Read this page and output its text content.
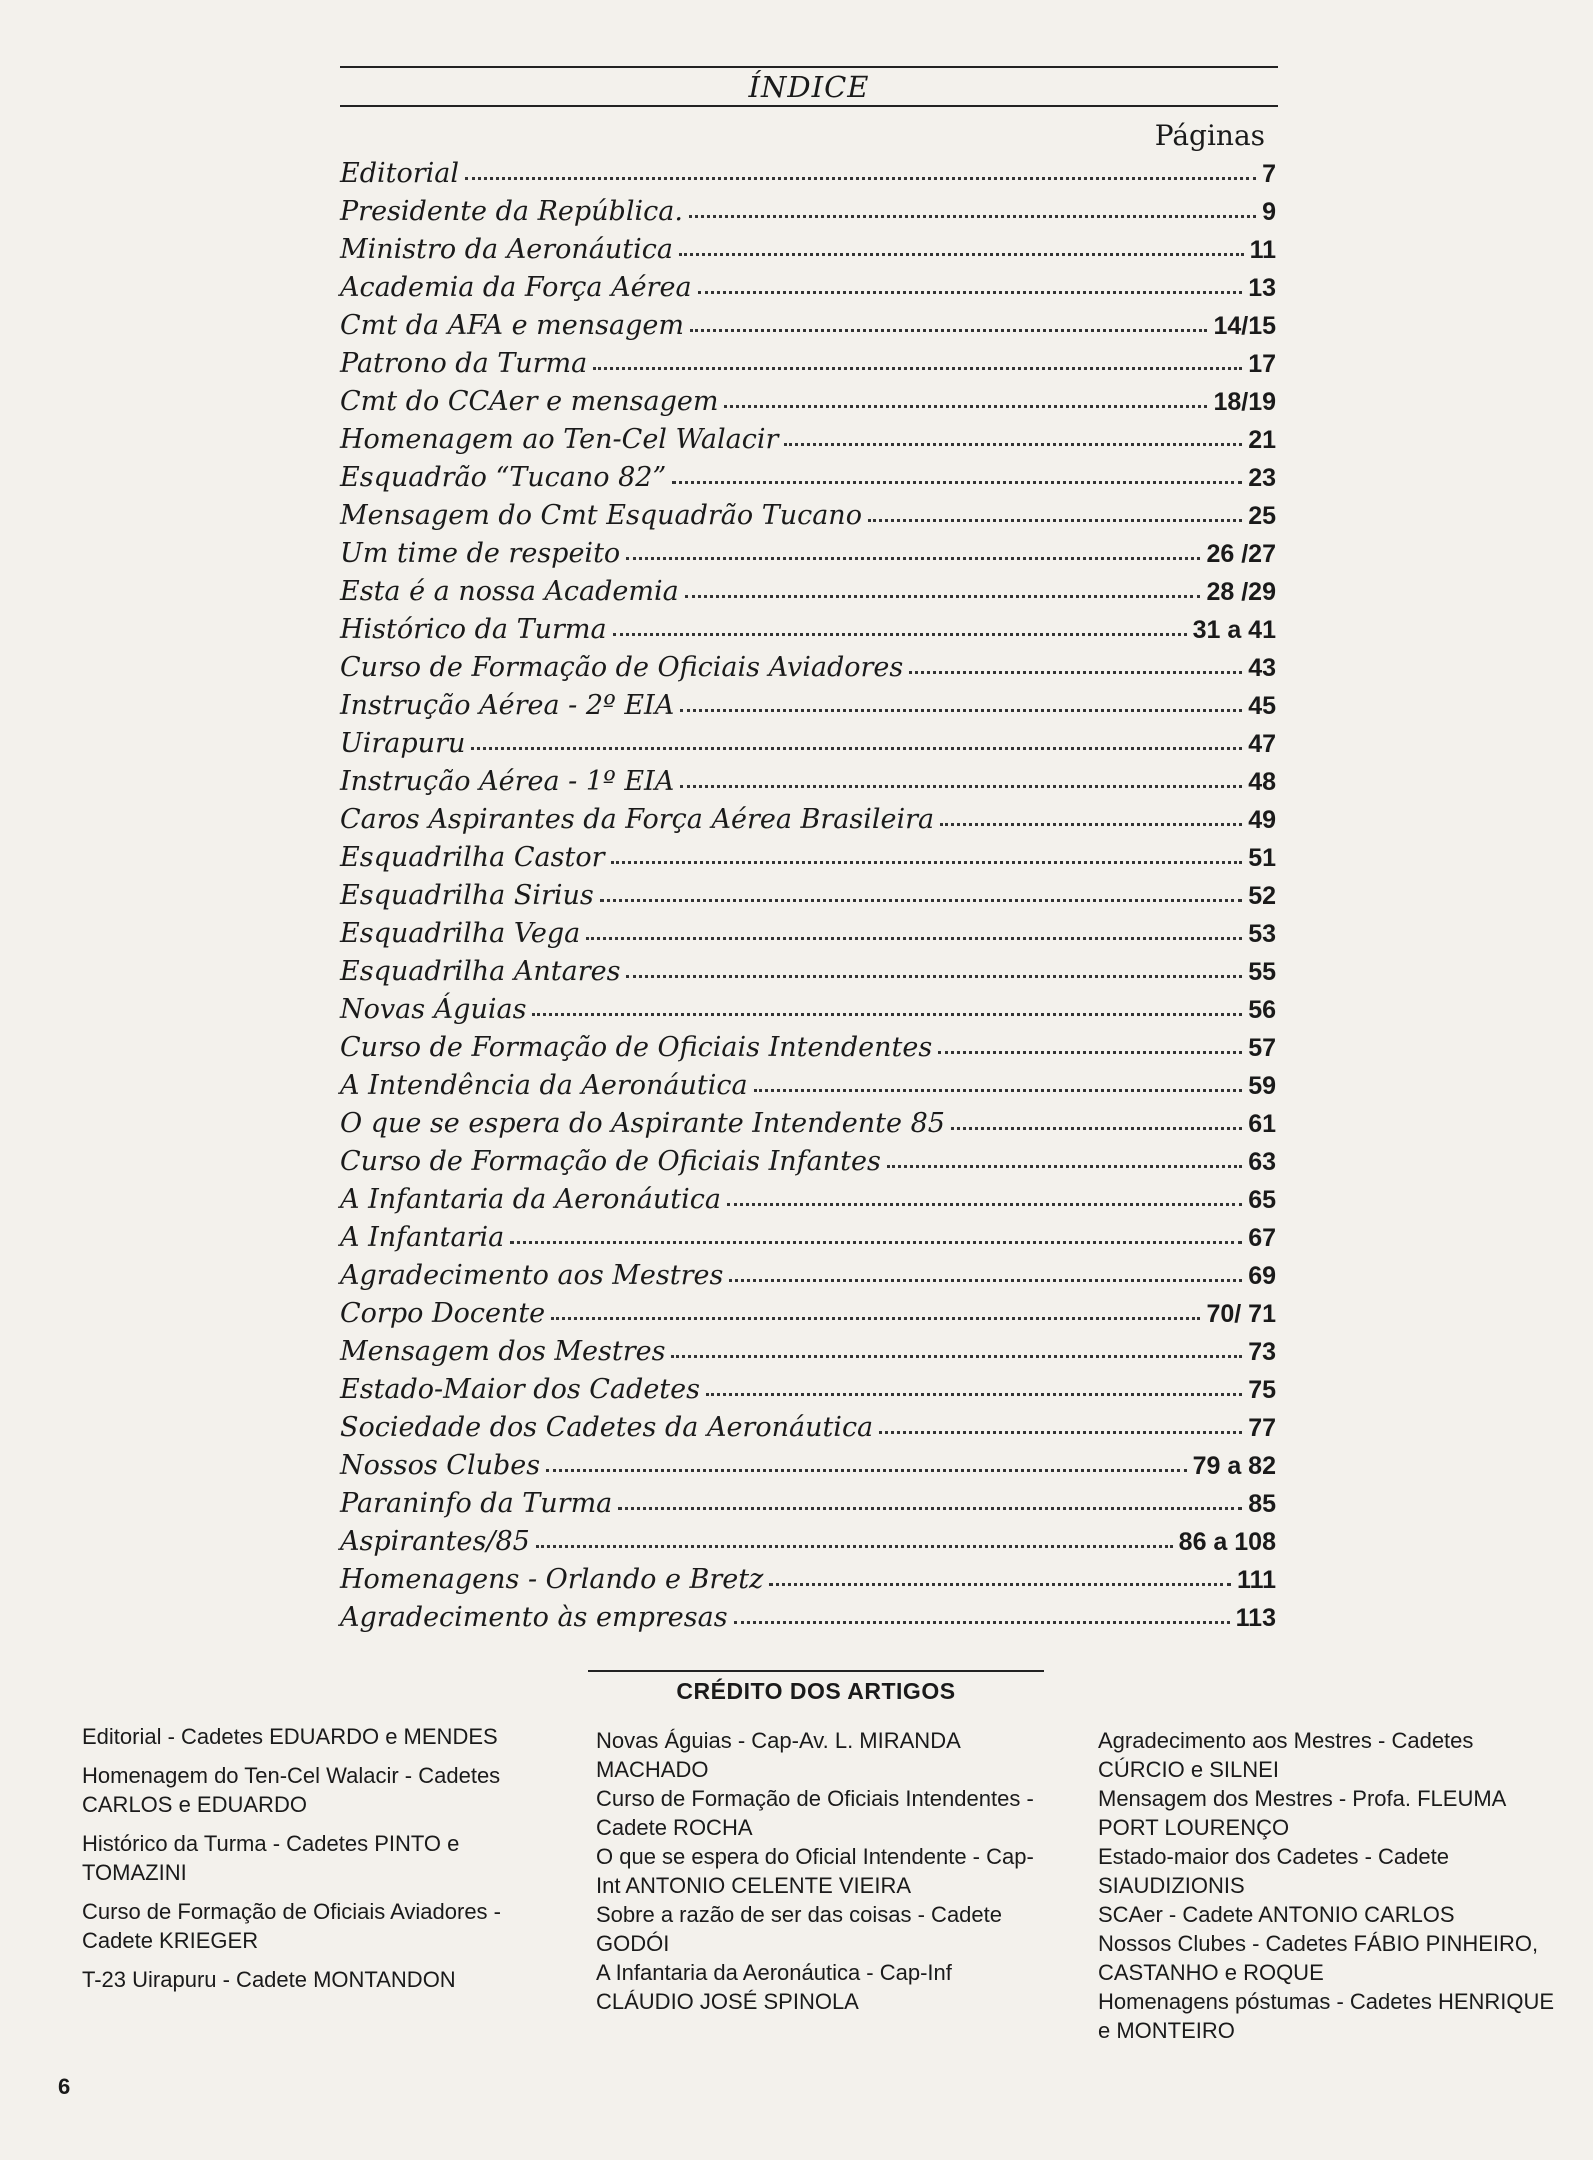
ÍNDICE
Páginas
Editorial	7
Presidente da República.	9
Ministro da Aeronáutica	11
Academia da Força Aérea	13
Cmt da AFA e mensagem	14/15
Patrono da Turma	17
Cmt do CCAer e mensagem	18/19
Homenagem ao Ten-Cel Walacir	21
Esquadrão “Tucano 82”	23
Mensagem do Cmt Esquadrão Tucano	25
Um time de respeito	26 /27
Esta é a nossa Academia	28 /29
Histórico da Turma	31 a 41
Curso de Formação de Oficiais Aviadores	43
Instrução Aérea - 2º EIA	45
Uirapuru	47
Instrução Aérea - 1º EIA	48
Caros Aspirantes da Força Aérea Brasileira	49
Esquadrilha Castor	51
Esquadrilha Sirius	52
Esquadrilha Vega	53
Esquadrilha Antares	55
Novas Águias	56
Curso de Formação de Oficiais Intendentes	57
A Intendência da Aeronáutica	59
O que se espera do Aspirante Intendente 85	61
Curso de Formação de Oficiais Infantes	63
A Infantaria da Aeronáutica	65
A Infantaria	67
Agradecimento aos Mestres	69
Corpo Docente	70/ 71
Mensagem dos Mestres	73
Estado-Maior dos Cadetes	75
Sociedade dos Cadetes da Aeronáutica	77
Nossos Clubes	79 a 82
Paraninfo da Turma	85
Aspirantes/85	86 a 108
Homenagens - Orlando e Bretz	111
Agradecimento às empresas	113
CRÉDITO DOS ARTIGOS

Editorial - Cadetes EDUARDO e MENDES

Homenagem do Ten-Cel Walacir - Cadetes CARLOS e EDUARDO

Histórico da Turma - Cadetes PINTO e TOMAZINI

Curso de Formação de Oficiais Aviadores - Cadete KRIEGER

T-23 Uirapuru - Cadete MONTANDON

Novas Águias - Cap-Av. L. MIRANDA MACHADO

Curso de Formação de Oficiais Intendentes - Cadete ROCHA

O que se espera do Oficial Intendente - Cap-Int ANTONIO CELENTE VIEIRA

Sobre a razão de ser das coisas - Cadete GODÓI

A Infantaria da Aeronáutica - Cap-Inf CLÁUDIO JOSÉ SPINOLA

Agradecimento aos Mestres - Cadetes CÚRCIO e SILNEI

Mensagem dos Mestres - Profa. FLEUMA PORT LOURENÇO

Estado-maior dos Cadetes - Cadete SIAUDIZIONIS

SCAer - Cadete ANTONIO CARLOS

Nossos Clubes - Cadetes FÁBIO PINHEIRO, CASTANHO e ROQUE

Homenagens póstumas - Cadetes HENRIQUE e MONTEIRO

6
